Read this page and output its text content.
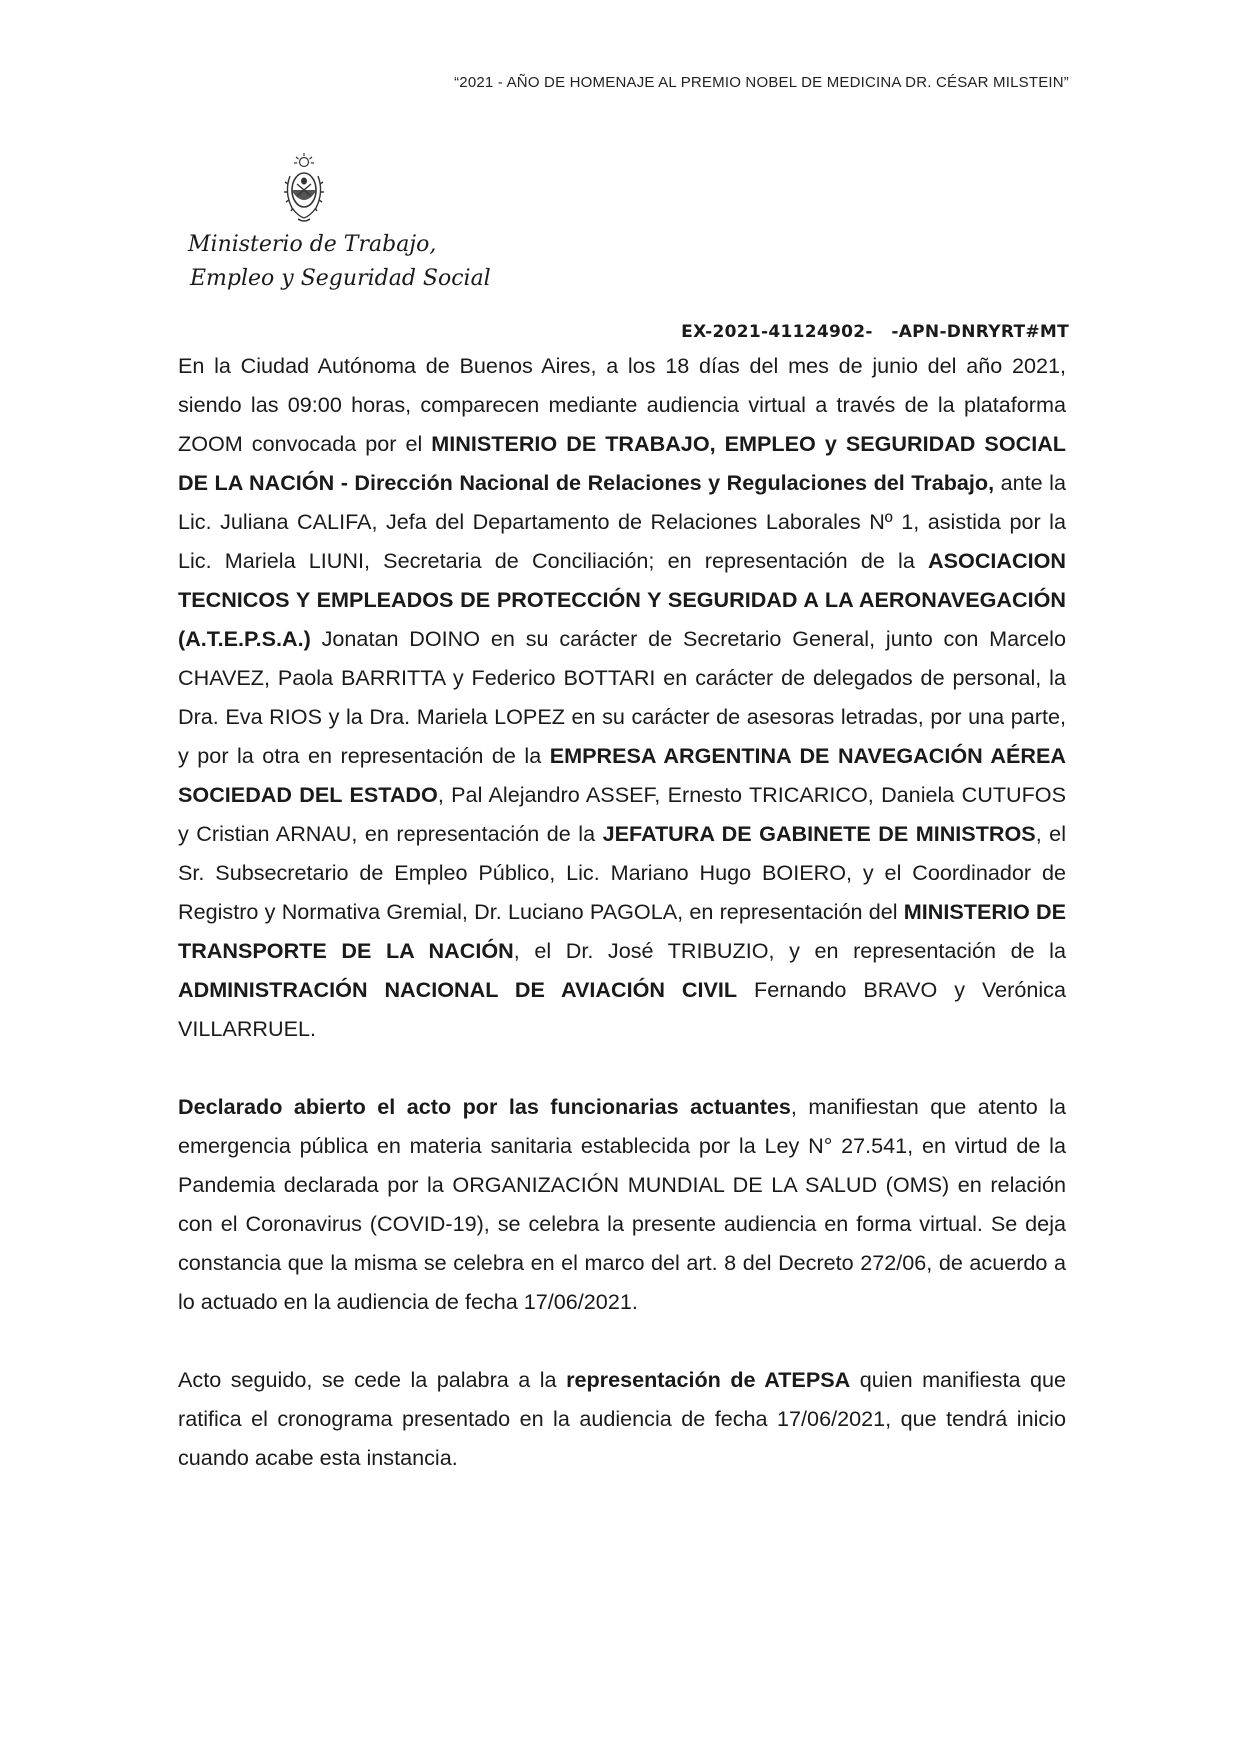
“2021 - AÑO DE HOMENAJE AL PREMIO NOBEL DE MEDICINA DR. CÉSAR MILSTEIN”
Ministerio de Trabajo,
Empleo y Seguridad Social
EX-2021-41124902-   -APN-DNRYRT#MT

En la Ciudad Autónoma de Buenos Aires, a los 18 días del mes de junio del año 2021, siendo las 09:00 horas, comparecen mediante audiencia virtual a través de la plataforma ZOOM convocada por el MINISTERIO DE TRABAJO, EMPLEO y SEGURIDAD SOCIAL DE LA NACIÓN - Dirección Nacional de Relaciones y Regulaciones del Trabajo, ante la Lic. Juliana CALIFA, Jefa del Departamento de Relaciones Laborales Nº 1, asistida por la Lic. Mariela LIUNI, Secretaria de Conciliación; en representación de la ASOCIACION TECNICOS Y EMPLEADOS DE PROTECCIÓN Y SEGURIDAD A LA AERONAVEGACIÓN (A.T.E.P.S.A.) Jonatan DOINO en su carácter de Secretario General, junto con Marcelo CHAVEZ, Paola BARRITTA y Federico BOTTARI en carácter de delegados de personal, la Dra. Eva RIOS y la Dra. Mariela LOPEZ en su carácter de asesoras letradas, por una parte, y por la otra en representación de la EMPRESA ARGENTINA DE NAVEGACIÓN AÉREA SOCIEDAD DEL ESTADO, Pal Alejandro ASSEF, Ernesto TRICARICO, Daniela CUTUFOS y Cristian ARNAU, en representación de la JEFATURA DE GABINETE DE MINISTROS, el Sr. Subsecretario de Empleo Público, Lic. Mariano Hugo BOIERO, y el Coordinador de Registro y Normativa Gremial, Dr. Luciano PAGOLA, en representación del MINISTERIO DE TRANSPORTE DE LA NACIÓN, el Dr. José TRIBUZIO, y en representación de la ADMINISTRACIÓN NACIONAL DE AVIACIÓN CIVIL Fernando BRAVO y Verónica VILLARRUEL.

Declarado abierto el acto por las funcionarias actuantes, manifiestan que atento la emergencia pública en materia sanitaria establecida por la Ley N° 27.541, en virtud de la Pandemia declarada por la ORGANIZACIÓN MUNDIAL DE LA SALUD (OMS) en relación con el Coronavirus (COVID-19), se celebra la presente audiencia en forma virtual. Se deja constancia que la misma se celebra en el marco del art. 8 del Decreto 272/06, de acuerdo a lo actuado en la audiencia de fecha 17/06/2021.

Acto seguido, se cede la palabra a la representación de ATEPSA quien manifiesta que ratifica el cronograma presentado en la audiencia de fecha 17/06/2021, que tendrá inicio cuando acabe esta instancia.
